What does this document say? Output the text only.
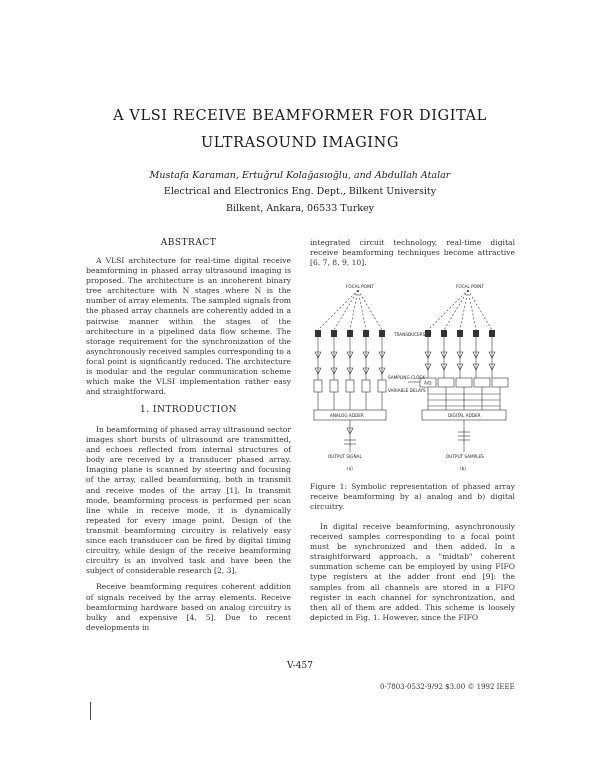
A VLSI RECEIVE BEAMFORMER FOR DIGITAL
ULTRASOUND IMAGING
Mustafa Karaman, Ertuğrul Kolağasıoğlu, and Abdullah Atalar
Electrical and Electronics Eng. Dept., Bilkent University
Bilkent, Ankara, 06533 Turkey
ABSTRACT

A VLSI architecture for real-time digital receive beamforming in phased array ultrasound imaging is proposed. The architecture is an incoherent binary tree architecture with N stages where N is the number of array elements. The sampled signals from the phased array channels are coherently added in a pairwise manner within the stages of the architecture in a pipelined data flow scheme. The storage requirement for the synchronization of the asynchronously received samples corresponding to a focal point is significantly reduced. The architecture is modular and the regular communication scheme which make the VLSI implementation rather easy and straightforward.

1. INTRODUCTION

In beamforming of phased array ultrasound sector images short bursts of ultrasound are transmitted, and echoes reflected from internal structures of body are received by a transducer phased array. Imaging plane is scanned by steering and focusing of the array, called beamforming, both in transmit and receive modes of the array [1]. In transmit mode, beamforming process is performed per scan line while in receive mode, it is dynamically repeated for every image point. Design of the transmit beamforming circuitry is relatively easy since each transducer can be fired by digital timing circuitry, while design of the receive beamforming circuitry is an involved task and have been the subject of considerable research [2, 3].

Receive beamforming requires coherent addition of signals received by the array elements. Receive beamforming hardware based on analog circuitry is bulky and expensive [4, 5]. Due to recent developments in

integrated circuit technology, real-time digital receive beamforming techniques become attractive [6, 7, 8, 9, 10].

FOCAL POINT	FOCAL POINT
TRANSDUCERS
VARIABLE DELAYS
SAMPLING CLOCK
ANALOG ADDER	DIGITAL ADDER
A/D
OUTPUT SIGNAL	OUTPUT SAMPLES
(a)	(b)
Figure 1: Symbolic representation of phased array receive beamforming by a) analog and b) digital circuitry.

In digital receive beamforming, asynchronously received samples corresponding to a focal point must be synchronized and then added. In a straightforward approach, a "midtab" coherent summation scheme can be employed by using FIFO type registers at the adder front end [9]: the samples from all channels are stored in a FIFO register in each channel for synchronization, and then all of them are added. This scheme is loosely depicted in Fig. 1. However, since the FIFO

V-457
0-7803-0532-9/92 $3.00 © 1992 IEEE
